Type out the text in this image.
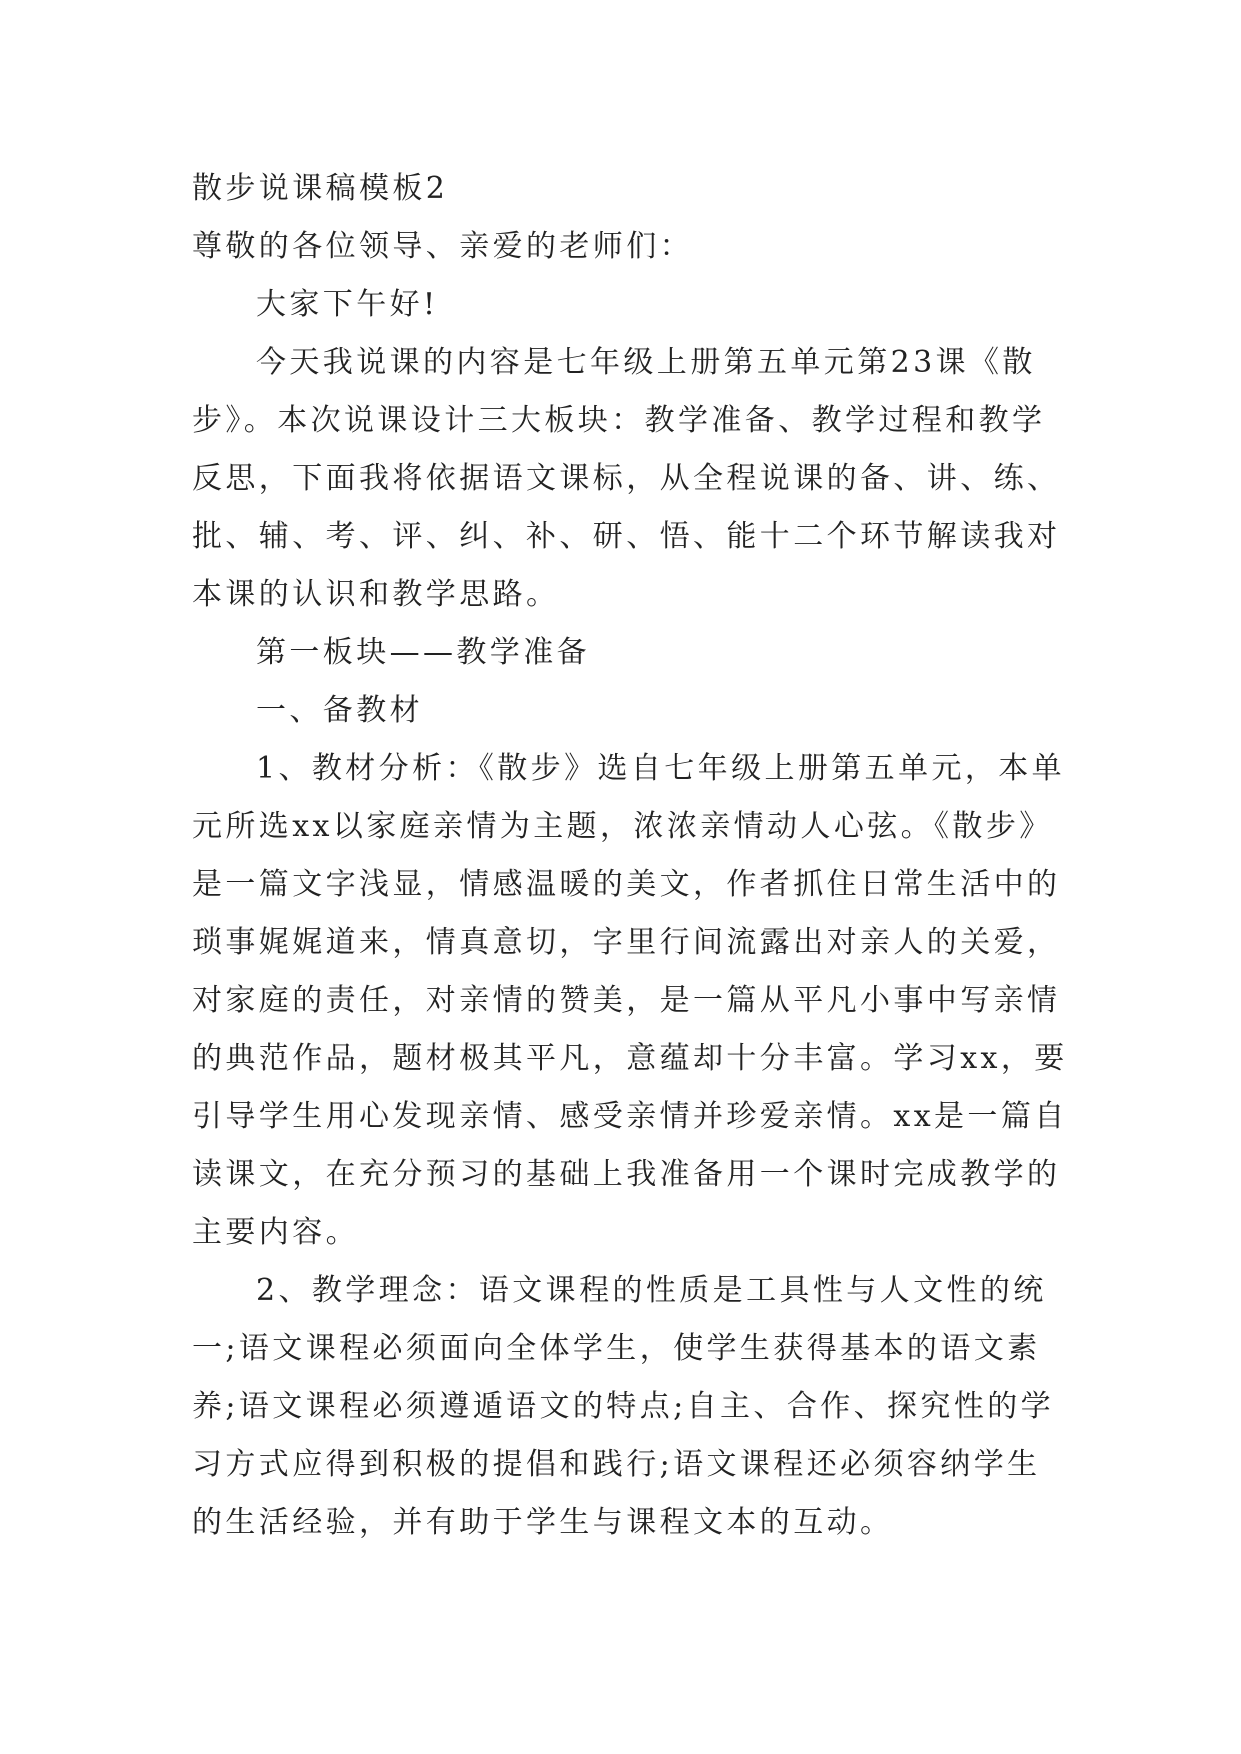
散步说课稿模板2
尊敬的各位领导、亲爱的老师们：
大家下午好!
今天我说课的内容是七年级上册第五单元第23课《散
步》。本次说课设计三大板块：教学准备、教学过程和教学
反思，下面我将依据语文课标，从全程说课的备、讲、练、
批、辅、考、评、纠、补、研、悟、能十二个环节解读我对
本课的认识和教学思路。
第一板块——教学准备
一、备教材
1、教材分析：《散步》选自七年级上册第五单元，本单
元所选xx以家庭亲情为主题，浓浓亲情动人心弦。《散步》
是一篇文字浅显，情感温暖的美文，作者抓住日常生活中的
琐事娓娓道来，情真意切，字里行间流露出对亲人的关爱，
对家庭的责任，对亲情的赞美，是一篇从平凡小事中写亲情
的典范作品，题材极其平凡，意蕴却十分丰富。学习xx，要
引导学生用心发现亲情、感受亲情并珍爱亲情。xx是一篇自
读课文，在充分预习的基础上我准备用一个课时完成教学的
主要内容。
2、教学理念：语文课程的性质是工具性与人文性的统
一;语文课程必须面向全体学生，使学生获得基本的语文素
养;语文课程必须遵遁语文的特点;自主、合作、探究性的学
习方式应得到积极的提倡和践行;语文课程还必须容纳学生
的生活经验，并有助于学生与课程文本的互动。
